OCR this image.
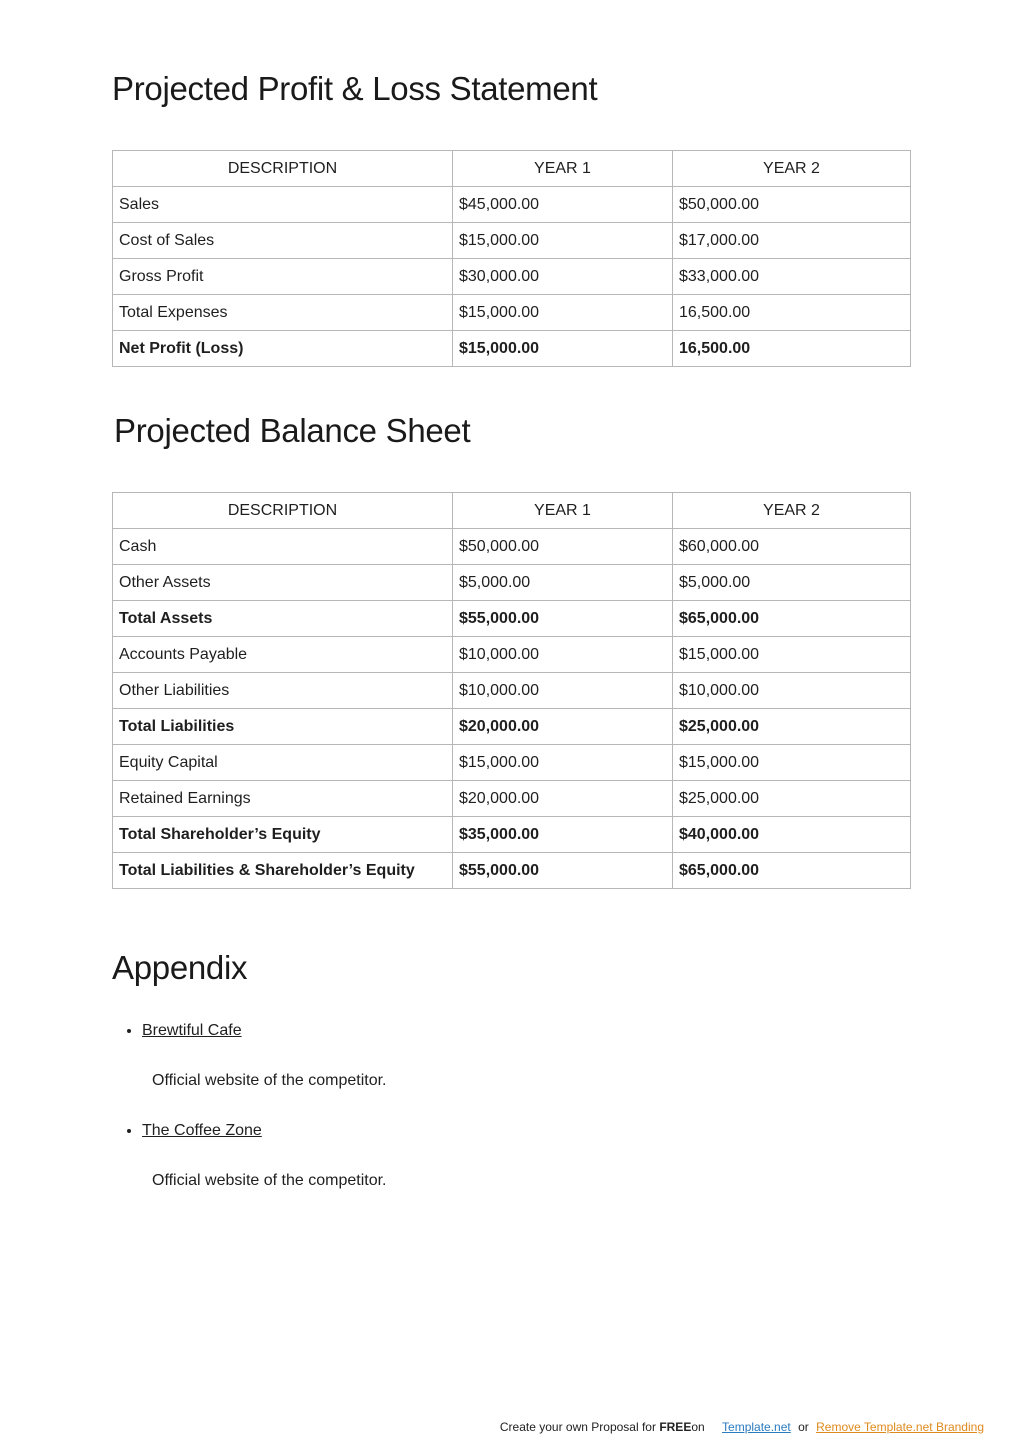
Projected Profit & Loss Statement
DESCRIPTION	YEAR 1	YEAR 2
Sales	$45,000.00	$50,000.00
Cost of Sales	$15,000.00	$17,000.00
Gross Profit	$30,000.00	$33,000.00
Total Expenses	$15,000.00	16,500.00
Net Profit (Loss)	$15,000.00	16,500.00
Projected Balance Sheet
DESCRIPTION	YEAR 1	YEAR 2
Cash	$50,000.00	$60,000.00
Other Assets	$5,000.00	$5,000.00
Total Assets	$55,000.00	$65,000.00
Accounts Payable	$10,000.00	$15,000.00
Other Liabilities	$10,000.00	$10,000.00
Total Liabilities	$20,000.00	$25,000.00
Equity Capital	$15,000.00	$15,000.00
Retained Earnings	$20,000.00	$25,000.00
Total Shareholder’s Equity	$35,000.00	$40,000.00
Total Liabilities & Shareholder’s Equity	$55,000.00	$65,000.00
Appendix
• Brewtiful Cafe
Official website of the competitor.
• The Coffee Zone
Official website of the competitor.
Create your own Proposal for FREEon Template.net or Remove Template.net Branding
